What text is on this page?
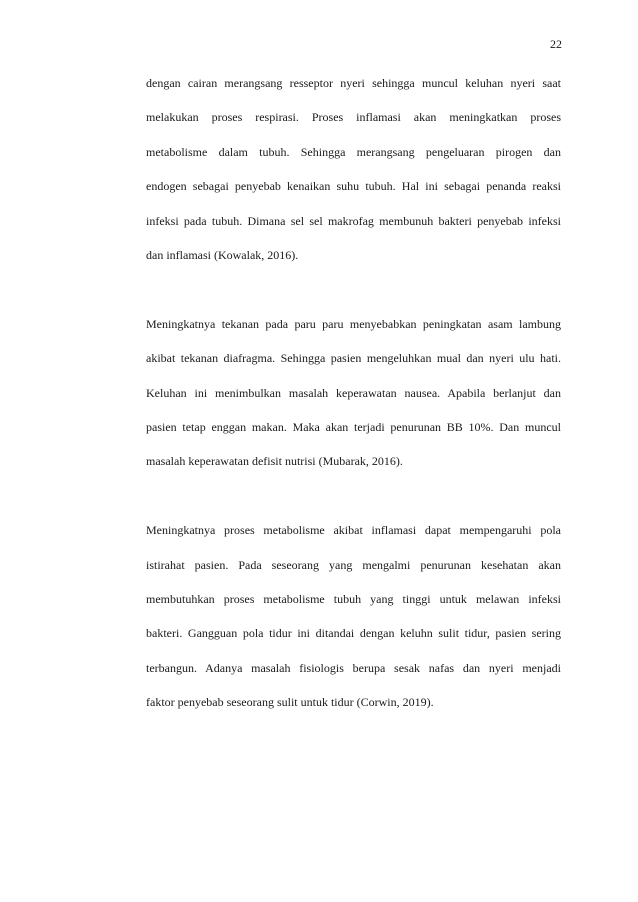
22

dengan cairan merangsang resseptor nyeri sehingga muncul keluhan nyeri saat
melakukan proses respirasi. Proses inflamasi akan meningkatkan proses
metabolisme dalam tubuh. Sehingga merangsang pengeluaran pirogen dan
endogen sebagai penyebab kenaikan suhu tubuh. Hal ini sebagai penanda reaksi
infeksi pada tubuh. Dimana sel sel makrofag membunuh bakteri penyebab infeksi
dan inflamasi (Kowalak, 2016).

Meningkatnya tekanan pada paru paru menyebabkan peningkatan asam lambung
akibat tekanan diafragma. Sehingga pasien mengeluhkan mual dan nyeri ulu hati.
Keluhan ini menimbulkan masalah keperawatan nausea. Apabila berlanjut dan
pasien tetap enggan makan. Maka akan terjadi penurunan BB 10%. Dan muncul
masalah keperawatan defisit nutrisi (Mubarak, 2016).

Meningkatnya proses metabolisme akibat inflamasi dapat mempengaruhi pola
istirahat pasien. Pada seseorang yang mengalmi penurunan kesehatan akan
membutuhkan proses metabolisme tubuh yang tinggi untuk melawan infeksi
bakteri. Gangguan pola tidur ini ditandai dengan keluhn sulit tidur, pasien sering
terbangun. Adanya masalah fisiologis berupa sesak nafas dan nyeri menjadi
faktor penyebab seseorang sulit untuk tidur (Corwin, 2019).
